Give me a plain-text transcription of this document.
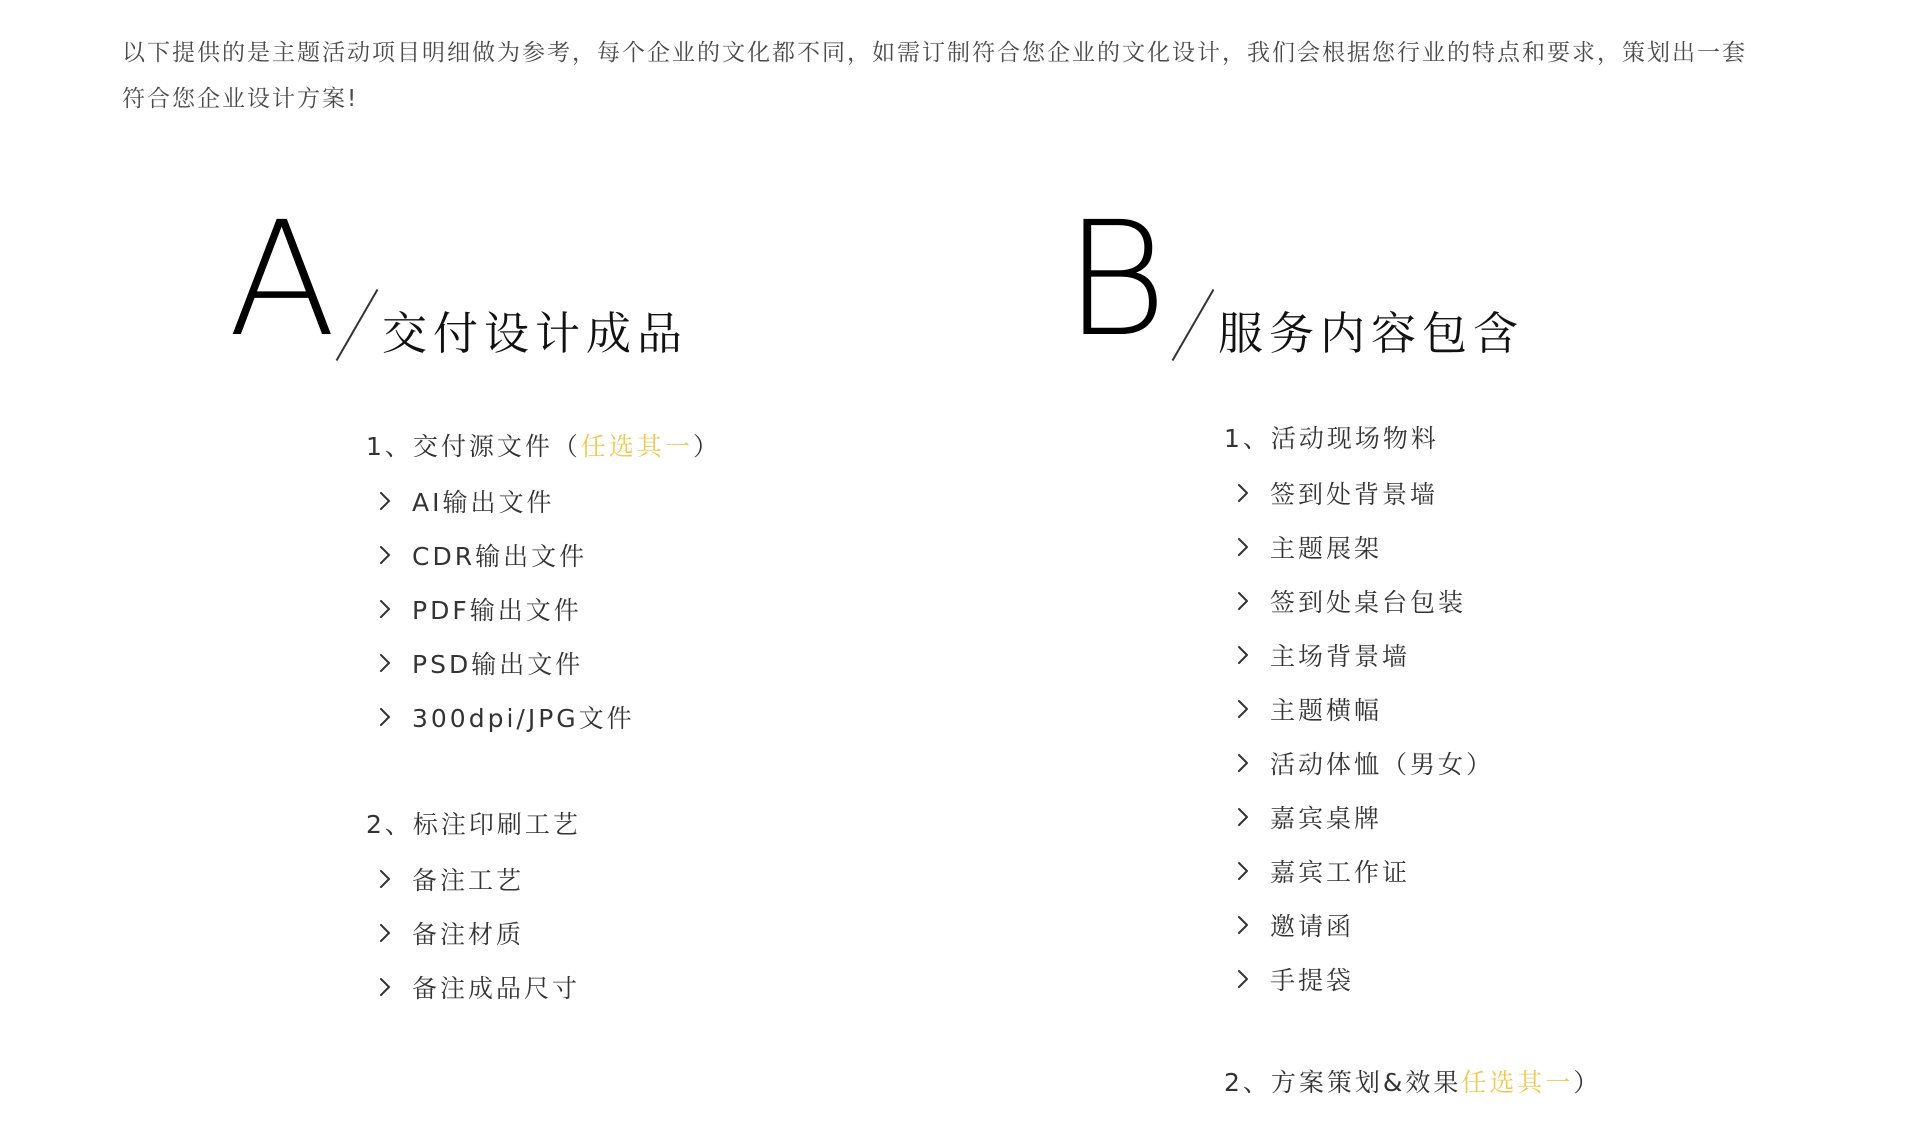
以下提供的是主题活动项目明细做为参考，每个企业的文化都不同，如需订制符合您企业的文化设计，我们会根据您行业的特点和要求，策划出一套符合您企业设计方案!

A 交付设计成品
1、交付源文件（任选其一）
AI输出文件
CDR输出文件
PDF输出文件
PSD输出文件
300dpi/JPG文件
2、标注印刷工艺
备注工艺
备注材质
备注成品尺寸
B 服务内容包含
1、活动现场物料
签到处背景墙
主题展架
签到处桌台包装
主场背景墙
主题横幅
活动体恤（男女）
嘉宾桌牌
嘉宾工作证
邀请函
手提袋
2、方案策划&效果任选其一）
